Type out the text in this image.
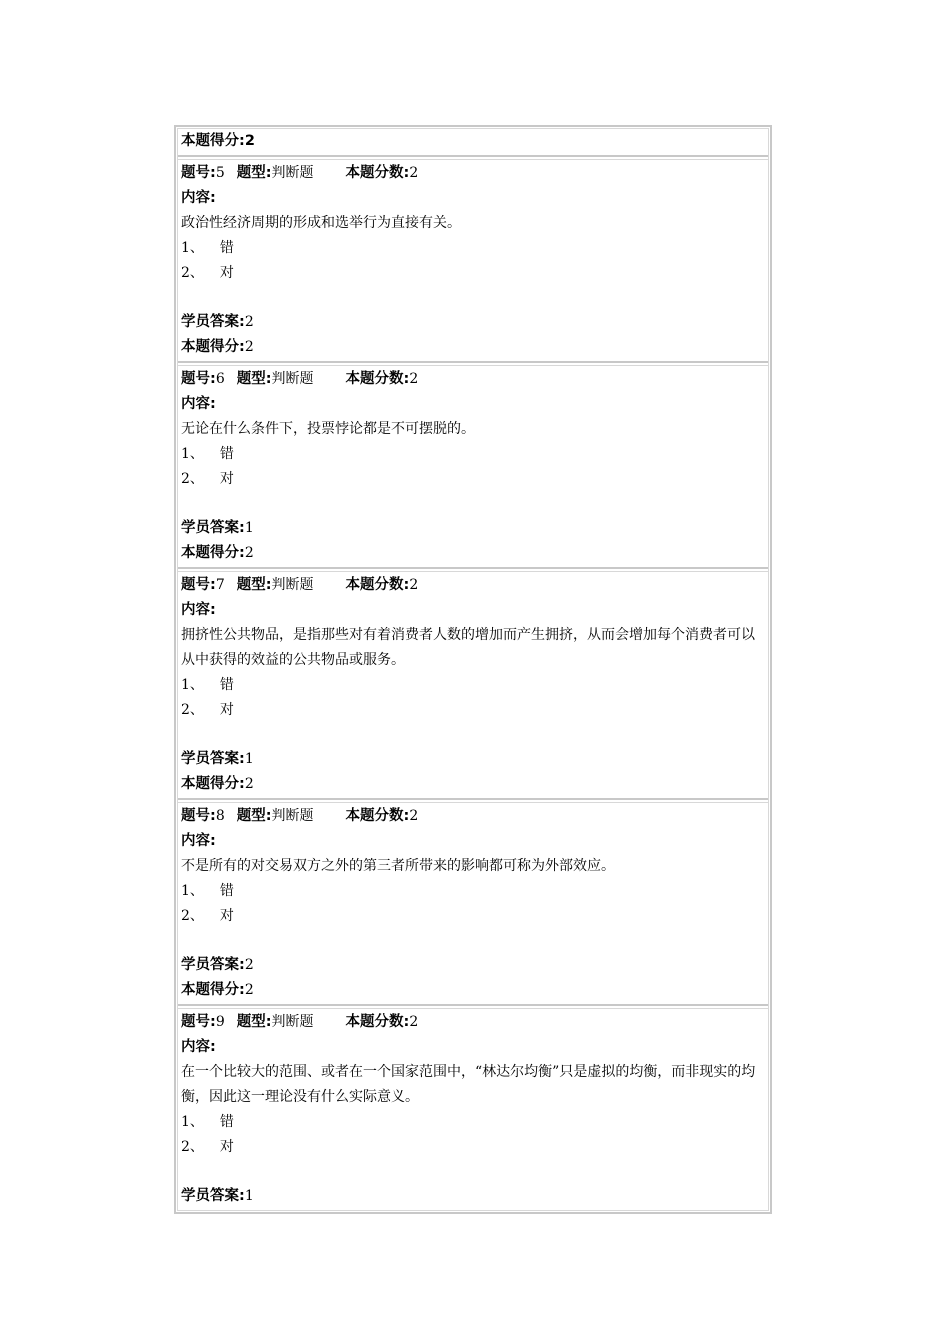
本题得分:2
题号:5 题型:判断题 本题分数:2
内容:
政治性经济周期的形成和选举行为直接有关。
1、 错
2、 对
学员答案:2
本题得分:2
题号:6 题型:判断题 本题分数:2
内容:
无论在什么条件下，投票悖论都是不可摆脱的。
1、 错
2、 对
学员答案:1
本题得分:2
题号:7 题型:判断题 本题分数:2
内容:
拥挤性公共物品，是指那些对有着消费者人数的增加而产生拥挤，从而会增加每个消费者可以从中获得的效益的公共物品或服务。
1、 错
2、 对
学员答案:1
本题得分:2
题号:8 题型:判断题 本题分数:2
内容:
不是所有的对交易双方之外的第三者所带来的影响都可称为外部效应。
1、 错
2、 对
学员答案:2
本题得分:2
题号:9 题型:判断题 本题分数:2
内容:
在一个比较大的范围、或者在一个国家范围中，“林达尔均衡”只是虚拟的均衡，而非现实的均衡，因此这一理论没有什么实际意义。
1、 错
2、 对
学员答案:1
